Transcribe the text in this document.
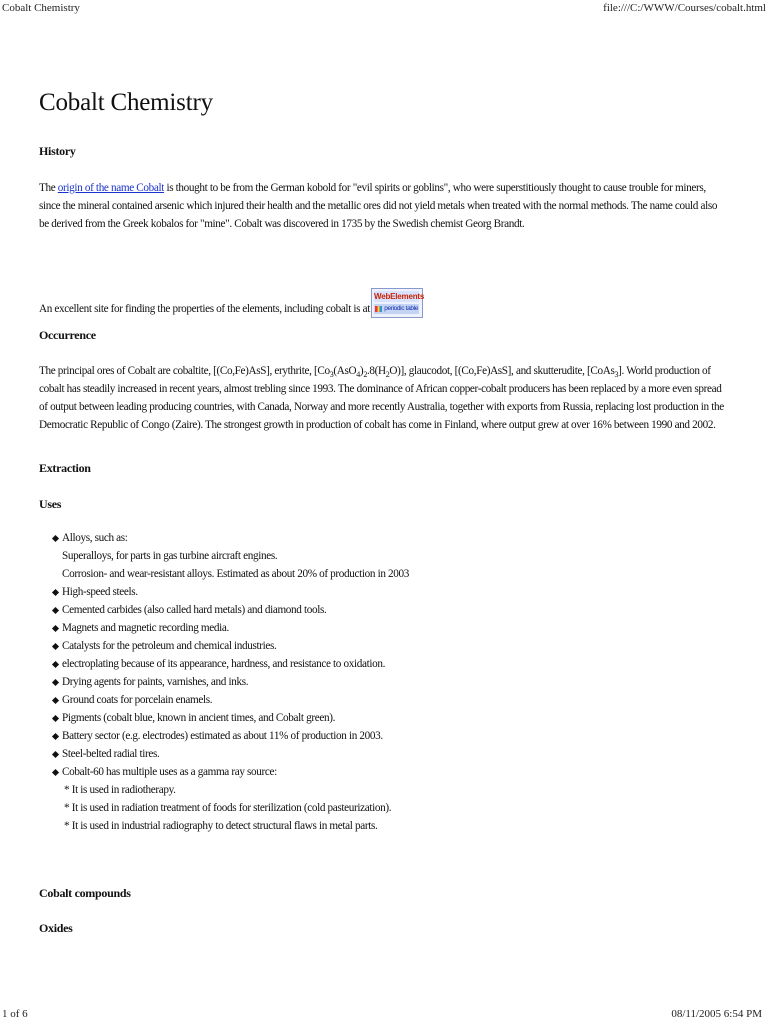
Cobalt Chemistry	file:///C:/WWW/Courses/cobalt.html
Cobalt Chemistry
History

The origin of the name Cobalt is thought to be from the German kobold for "evil spirits or goblins", who were superstitiously thought to cause trouble for miners, since the mineral contained arsenic which injured their health and the metallic ores did not yield metals when treated with the normal methods. The name could also be derived from the Greek kobalos for "mine". Cobalt was discovered in 1735 by the Swedish chemist Georg Brandt.

An excellent site for finding the properties of the elements, including cobalt is at
WebElements
periodic table

Occurrence

The principal ores of Cobalt are cobaltite, [(Co,Fe)AsS], erythrite, $[Co_3(AsO_4)_2.8(H_2O)]$, glaucodot, [(Co,Fe)AsS], and skutterudite, [CoAs$_3$]. World production of cobalt has steadily increased in recent years, almost trebling since 1993. The dominance of African copper-cobalt producers has been replaced by a more even spread of output between leading producing countries, with Canada, Norway and more recently Australia, together with exports from Russia, replacing lost production in the Democratic Republic of Congo (Zaire). The strongest growth in production of cobalt has come in Finland, where output grew at over 16% between 1990 and 2002.

Extraction
Uses
Alloys, such as:
Superalloys, for parts in gas turbine aircraft engines.
Corrosion- and wear-resistant alloys. Estimated as about 20% of production in 2003
High-speed steels.
Cemented carbides (also called hard metals) and diamond tools.
Magnets and magnetic recording media.
Catalysts for the petroleum and chemical industries.
electroplating because of its appearance, hardness, and resistance to oxidation.
Drying agents for paints, varnishes, and inks.
Ground coats for porcelain enamels.
Pigments (cobalt blue, known in ancient times, and Cobalt green).
Battery sector (e.g. electrodes) estimated as about 11% of production in 2003.
Steel-belted radial tires.
Cobalt-60 has multiple uses as a gamma ray source:
* It is used in radiotherapy.
* It is used in radiation treatment of foods for sterilization (cold pasteurization).
* It is used in industrial radiography to detect structural flaws in metal parts.
Cobalt compounds
Oxides
1 of 6	08/11/2005 6:54 PM
